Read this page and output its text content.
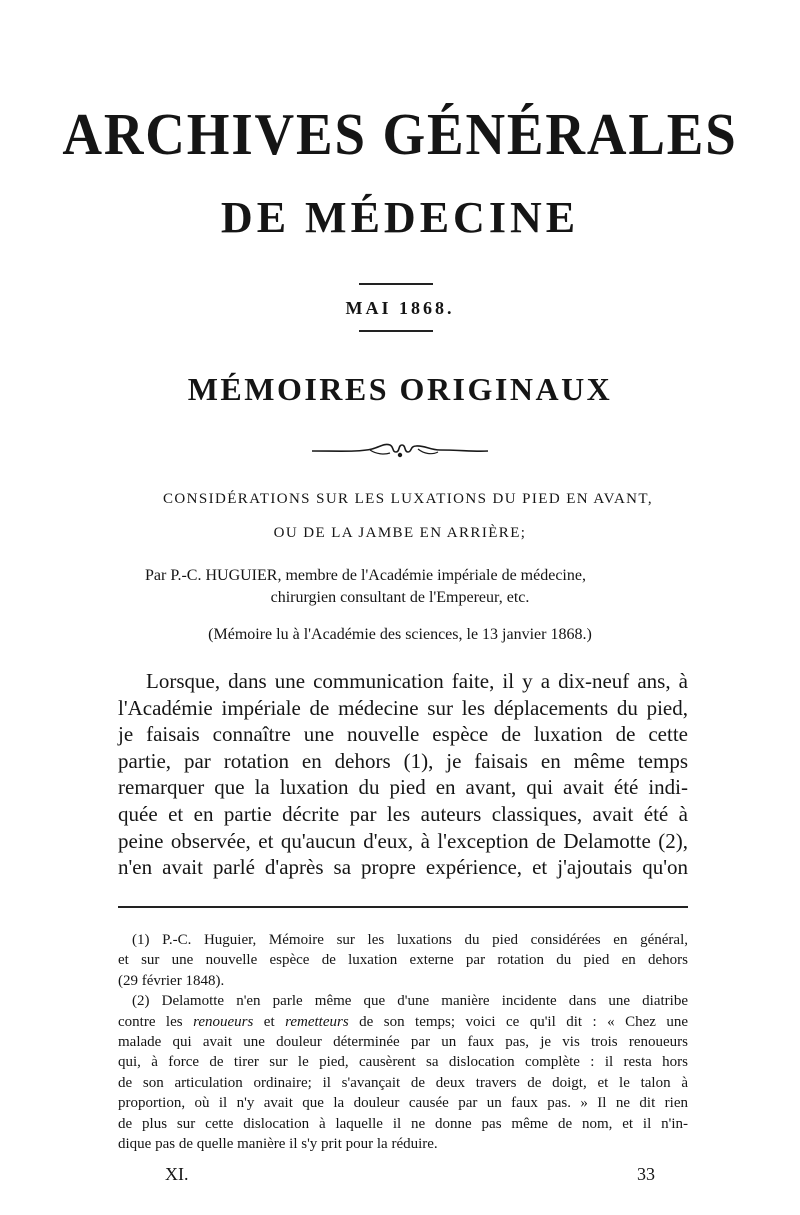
ARCHIVES GÉNÉRALES
DE MÉDECINE
MAI 1868.
MÉMOIRES ORIGINAUX
CONSIDÉRATIONS SUR LES LUXATIONS DU PIED EN AVANT,
OU DE LA JAMBE EN ARRIÈRE;
Par P.-C. HUGUIER, membre de l'Académie impériale de médecine,
chirurgien consultant de l'Empereur, etc.
(Mémoire lu à l'Académie des sciences, le 13 janvier 1868.)
Lorsque, dans une communication faite, il y a dix-neuf ans, à
l'Académie impériale de médecine sur les déplacements du pied,
je faisais connaître une nouvelle espèce de luxation de cette
partie, par rotation en dehors (1), je faisais en même temps
remarquer que la luxation du pied en avant, qui avait été indi-
quée et en partie décrite par les auteurs classiques, avait été à
peine observée, et qu'aucun d'eux, à l'exception de Delamotte (2),
n'en avait parlé d'après sa propre expérience, et j'ajoutais qu'on
(1) P.-C. Huguier, Mémoire sur les luxations du pied considérées en général,
et sur une nouvelle espèce de luxation externe par rotation du pied en dehors
(29 février 1848).
(2) Delamotte n'en parle même que d'une manière incidente dans une diatribe
contre les renoueurs et remetteurs de son temps; voici ce qu'il dit : « Chez une
malade qui avait une douleur déterminée par un faux pas, je vis trois renoueurs
qui, à force de tirer sur le pied, causèrent sa dislocation complète : il resta hors
de son articulation ordinaire; il s'avançait de deux travers de doigt, et le talon à
proportion, où il n'y avait que la douleur causée par un faux pas. » Il ne dit rien
de plus sur cette dislocation à laquelle il ne donne pas même de nom, et il n'in-
dique pas de quelle manière il s'y prit pour la réduire.
XI.	33
